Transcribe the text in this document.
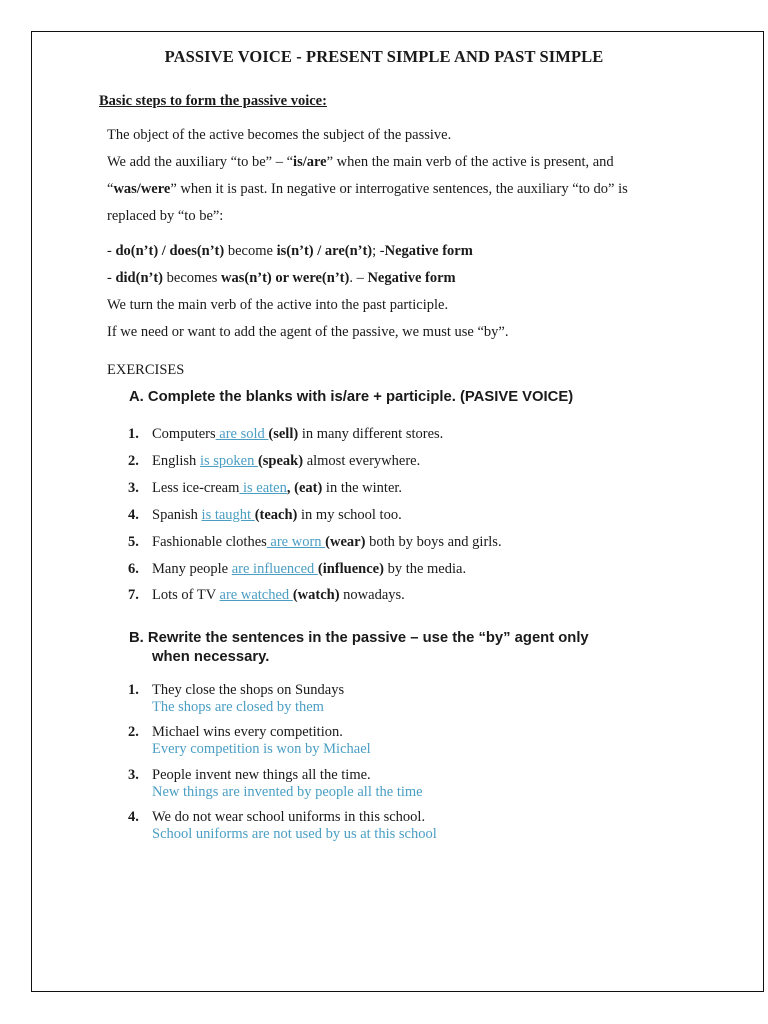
PASSIVE VOICE - PRESENT SIMPLE AND PAST SIMPLE
Basic steps to form the passive voice:
The object of the active becomes the subject of the passive.
We add the auxiliary “to be” – “is/are” when the main verb of the active is present, and
“was/were” when it is past. In negative or interrogative sentences, the auxiliary “to do” is
replaced by “to be”:
- do(n’t) / does(n’t) become is(n’t) / are(n’t); -Negative form
- did(n’t) becomes was(n’t) or were(n’t). – Negative form
We turn the main verb of the active into the past participle.
If we need or want to add the agent of the passive, we must use “by”.
EXERCISES
A. Complete the blanks with is/are + participle. (PASIVE VOICE)
1. Computers are sold (sell) in many different stores.
2. English is spoken (speak) almost everywhere.
3. Less ice-cream is eaten, (eat) in the winter.
4. Spanish is taught (teach) in my school too.
5. Fashionable clothes are worn (wear) both by boys and girls.
6. Many people are influenced (influence) by the media.
7. Lots of TV are watched (watch) nowadays.
B. Rewrite the sentences in the passive – use the “by” agent only
when necessary.
1. They close the shops on Sundays
The shops are closed by them
2. Michael wins every competition.
Every competition is won by Michael
3. People invent new things all the time.
New things are invented by people all the time
4. We do not wear school uniforms in this school.
School uniforms are not used by us at this school
